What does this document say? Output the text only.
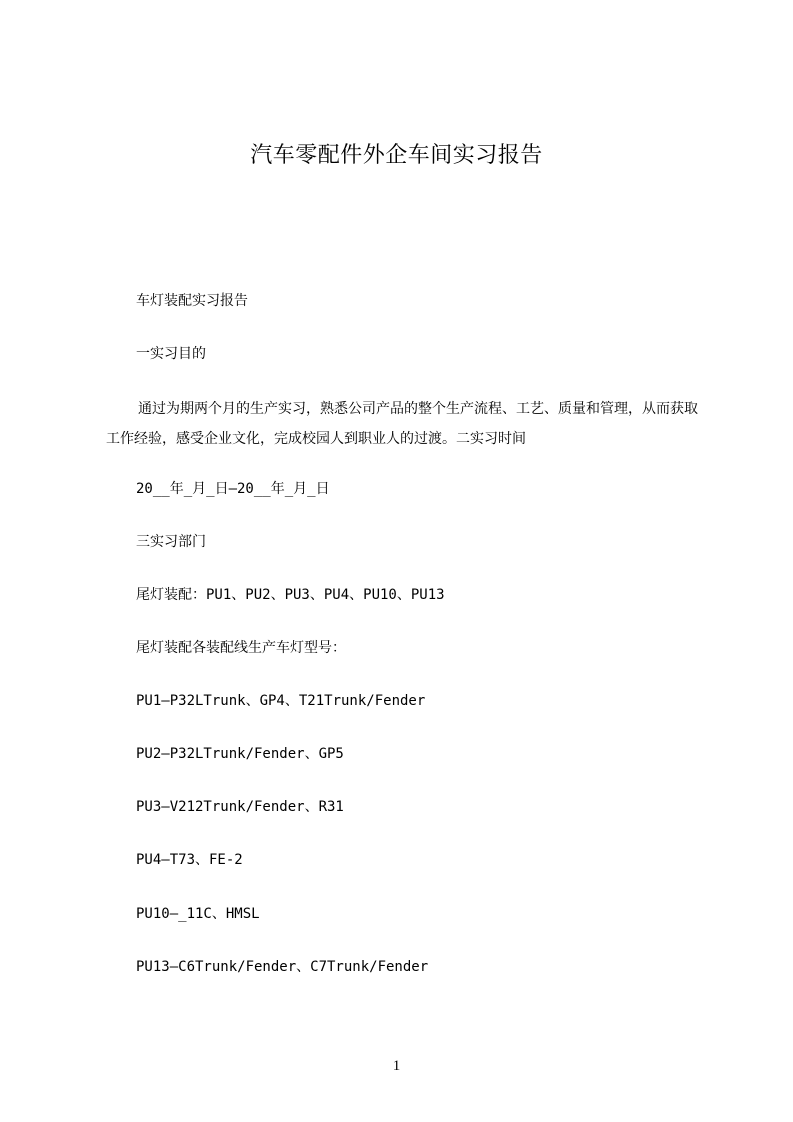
汽车零配件外企车间实习报告
车灯装配实习报告
一实习目的
通过为期两个月的生产实习，熟悉公司产品的整个生产流程、工艺、质量和管理，从而获取工作经验，感受企业文化，完成校园人到职业人的过渡。二实习时间
20__年_月_日—20__年_月_日
三实习部门
尾灯装配：PU1、PU2、PU3、PU4、PU10、PU13
尾灯装配各装配线生产车灯型号：
PU1—P32LTrunk、GP4、T21Trunk/Fender
PU2—P32LTrunk/Fender、GP5
PU3—V212Trunk/Fender、R31
PU4—T73、FE-2
PU10—_11C、HMSL
PU13—C6Trunk/Fender、C7Trunk/Fender
1
